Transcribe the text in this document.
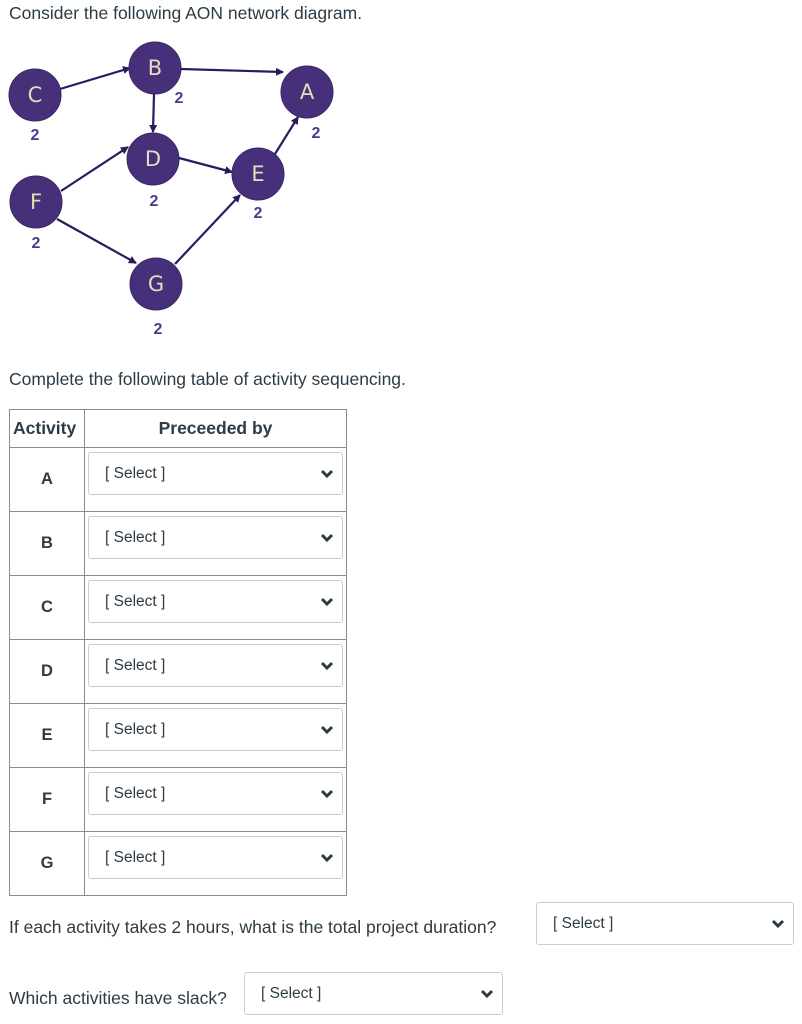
Consider the following AON network diagram.

B
2
C
2
A
2
D
2
E
2
F
2
G
2

Complete the following table of activity sequencing.

Activity	Preceeded by
A	[ Select ]

B	[ Select ]

C	[ Select ]

D	[ Select ]

E	[ Select ]

F	[ Select ]

G	[ Select ]
If each activity takes 2 hours, what is the total project duration?	[ Select ]
Which activities have slack? [ Select ]
